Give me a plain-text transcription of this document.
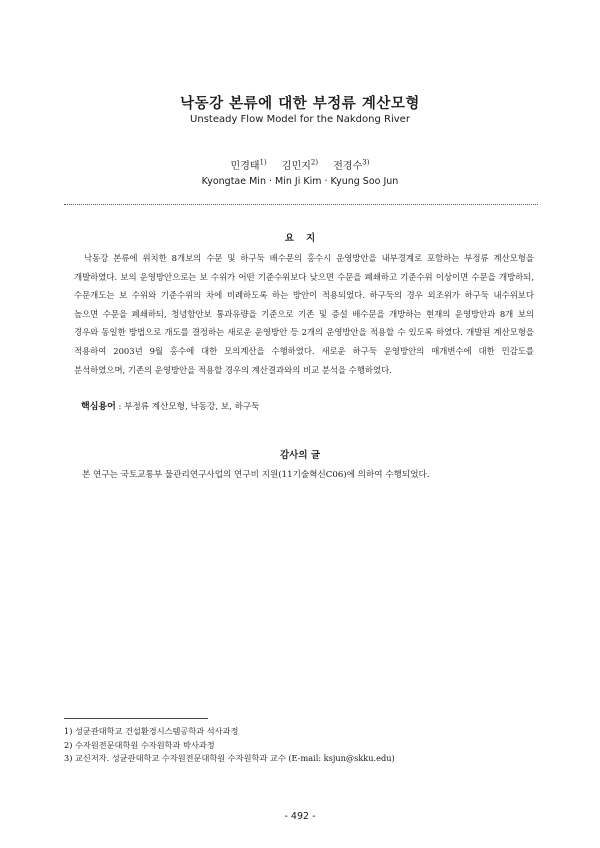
낙동강 본류에 대한 부정류 계산모형
Unsteady Flow Model for the Nakdong River
민경태$^{1)}$ 김민지$^{2)}$ 전경수$^{3)}$
Kyongtae Min · Min Ji Kim · Kyung Soo Jun
요지

낙동강 본류에 위치한 8개보의 수문 및 하구둑 배수문의 홍수시 운영방안을 내부경계로 포함하는 부정류 계산모형을 개발하였다. 보의 운영방안으로는 보 수위가 어떤 기준수위보다 낮으면 수문을 폐쇄하고 기준수위 이상이면 수문을 개방하되, 수문개도는 보 수위와 기준수위의 차에 비례하도록 하는 방안이 적용되었다. 하구둑의 경우 외조위가 하구둑 내수위보다 높으면 수문을 폐쇄하되, 청녕함안보 통과유량을 기준으로 기존 및 증설 배수문을 개방하는 현재의 운영방안과 8개 보의 경우와 동일한 방법으로 개도를 결정하는 새로운 운영방안 등 2개의 운영방안을 적용할 수 있도록 하였다. 개발된 계산모형을 적용하여 2003년 9월 홍수에 대한 모의계산을 수행하였다. 새로운 하구둑 운영방안의 매개변수에 대한 민감도를 분석하였으며, 기존의 운영방안을 적용할 경우의 계산결과와의 비교 분석을 수행하였다.

핵심용어 : 부정류 계산모형, 낙동강, 보, 하구둑
감사의 글

본 연구는 국토교통부 물관리연구사업의 연구비 지원(11기술혁신C06)에 의하여 수행되었다.

1) 성균관대학교 건설환경시스템공학과 석사과정
2) 수자원전문대학원 수자원학과 박사과정
3) 교신저자. 성균관대학교 수자원전문대학원 수자원학과 교수 (E-mail: ksjun@skku.edu)
- 492 -
